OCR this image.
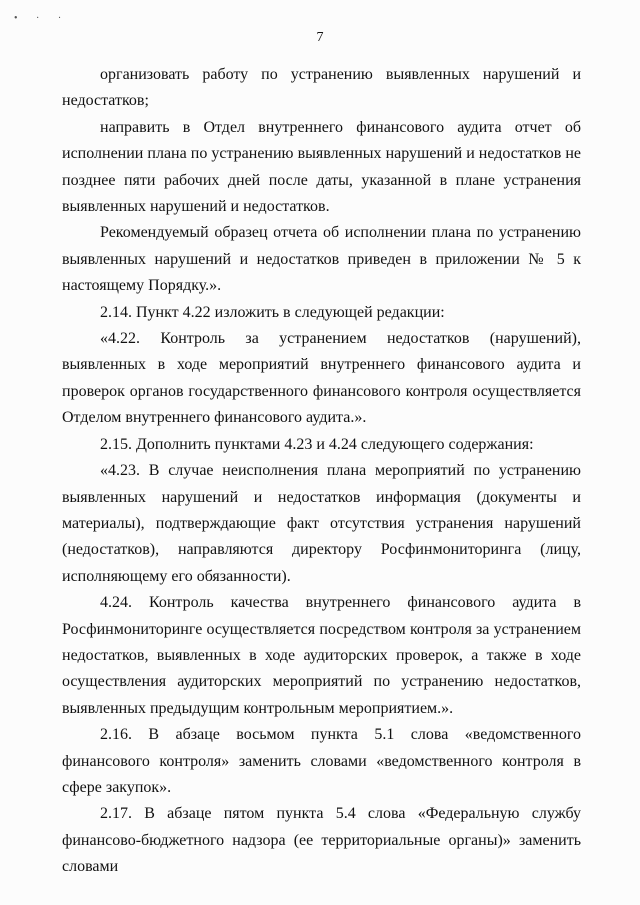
• · ·
7

организовать работу по устранению выявленных нарушений и недостатков;

направить в Отдел внутреннего финансового аудита отчет об исполнении плана по устранению выявленных нарушений и недостатков не позднее пяти рабочих дней после даты, указанной в плане устранения выявленных нарушений и недостатков.

Рекомендуемый образец отчета об исполнении плана по устранению выявленных нарушений и недостатков приведен в приложении № 5 к настоящему Порядку.».

2.14. Пункт 4.22 изложить в следующей редакции:

«4.22. Контроль за устранением недостатков (нарушений), выявленных в ходе мероприятий внутреннего финансового аудита и проверок органов государственного финансового контроля осуществляется Отделом внутреннего финансового аудита.».

2.15. Дополнить пунктами 4.23 и 4.24 следующего содержания:

«4.23. В случае неисполнения плана мероприятий по устранению выявленных нарушений и недостатков информация (документы и материалы), подтверждающие факт отсутствия устранения нарушений (недостатков), направляются директору Росфинмониторинга (лицу, исполняющему его обязанности).

4.24. Контроль качества внутреннего финансового аудита в Росфинмониторинге осуществляется посредством контроля за устранением недостатков, выявленных в ходе аудиторских проверок, а также в ходе осуществления аудиторских мероприятий по устранению недостатков, выявленных предыдущим контрольным мероприятием.».

2.16. В абзаце восьмом пункта 5.1 слова «ведомственного финансового контроля» заменить словами «ведомственного контроля в сфере закупок».

2.17. В абзаце пятом пункта 5.4 слова «Федеральную службу финансово-бюджетного надзора (ее территориальные органы)» заменить словами
